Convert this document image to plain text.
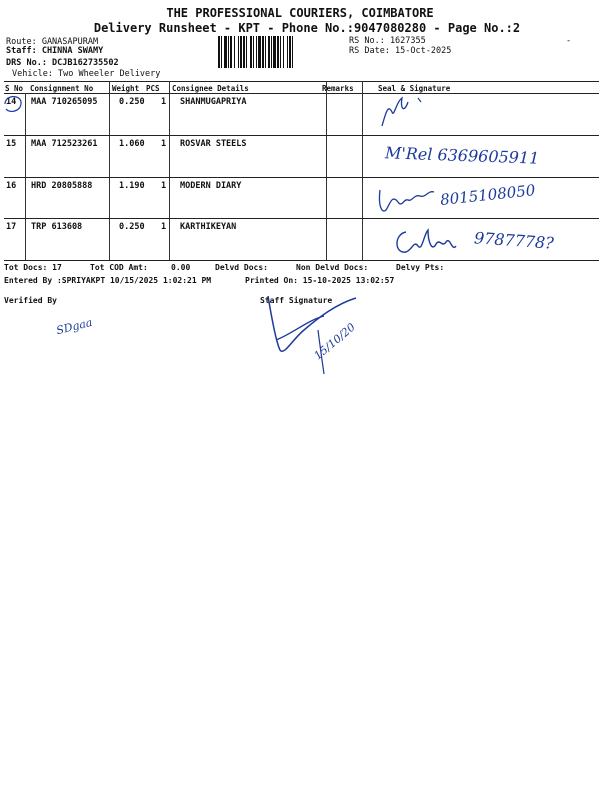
THE PROFESSIONAL COURIERS, COIMBATORE
Delivery Runsheet - KPT - Phone No.:9047080280 - Page No.:2
Route: GANASAPURAM
Staff: CHINNA SWAMY
DRS No.: DCJB162735502
Vehicle: Two Wheeler Delivery
RS No.: 1627355
RS Date: 15-Oct-2025
-
S No Consignment No	Weight PCS Consignee Details	Remarks	Seal & Signature
14 MAA 710265095	0.250 1 SHANMUGAPRIYA
15 MAA 712523261	1.060 1 ROSVAR STEELS
16 HRD 20805888	1.190 1 MODERN DIARY
17 TRP 613608	0.250 1 KARTHIKEYAN
M'Rel 6369605911
8015108050
9787778?
Tot Docs: 17	Tot COD Amt:	0.00	Delvd Docs:	Non Delvd Docs:	Delvy Pts:
Entered By :SPRIYAKPT 10/15/2025 1:02:21 PM	Printed On: 15-10-2025 13:02:57
Verified By	Staff Signature
SDgaa	15/10/20
